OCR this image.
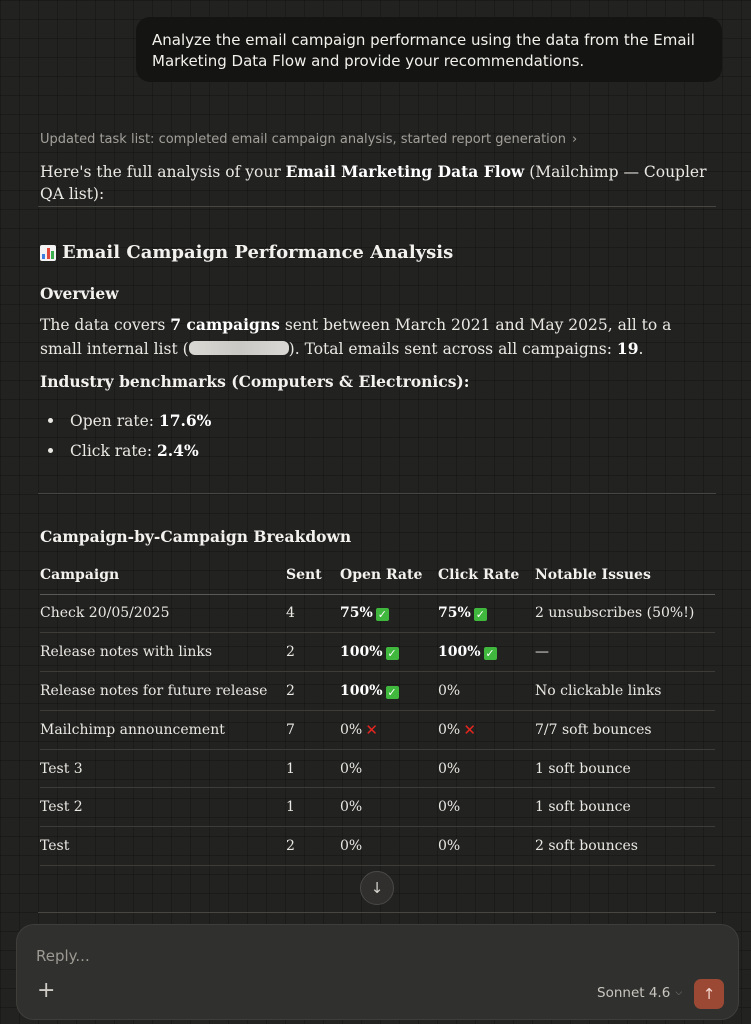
Analyze the email campaign performance using the data from the Email Marketing Data Flow and provide your recommendations.
Updated task list: completed email campaign analysis, started report generation ›
Here's the full analysis of your Email Marketing Data Flow (Mailchimp — Coupler QA list):
Email Campaign Performance Analysis
Overview
The data covers 7 campaigns sent between March 2021 and May 2025, all to a small internal list (	). Total emails sent across all campaigns: 19.
Industry benchmarks (Computers & Electronics):
Open rate: 17.6%
Click rate: 2.4%
Campaign-by-Campaign Breakdown
Campaign	Sent	Open Rate	Click Rate	Notable Issues
Check 20/05/2025	4	75% ✓	75% ✓	2 unsubscribes (50%!)
Release notes with links	2	100% ✓	100% ✓	—
Release notes for future release	2	100% ✓	0%	No clickable links
Mailchimp announcement	7	0% ✕	0% ✕	7/7 soft bounces
Test 3	1	0%	0%	1 soft bounce
Test 2	1	0%	0%	1 soft bounce
Test	2	0%	0%	2 soft bounces
↓
Reply...
+	Sonnet 4.6 ⌵ ↑
